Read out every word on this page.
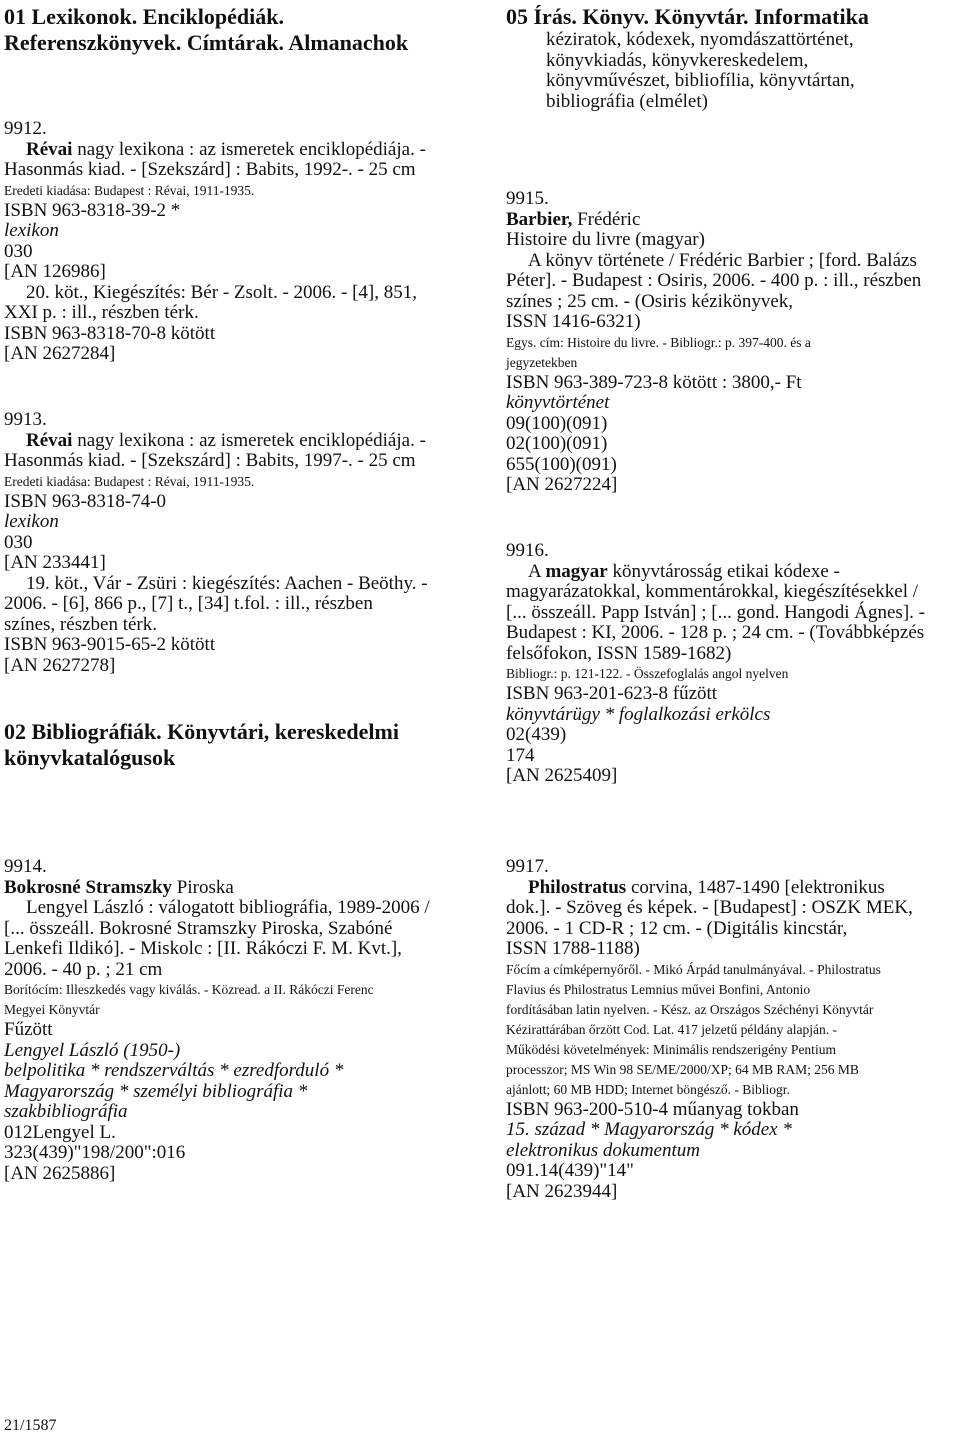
01 Lexikonok. Enciklopédiák.
Referenszkönyvek. Címtárak. Almanachok
9912.
Révai nagy lexikona : az ismeretek enciklopédiája. -
Hasonmás kiad. - [Szekszárd] : Babits, 1992-. - 25 cm
Eredeti kiadása: Budapest : Révai, 1911-1935.
ISBN 963-8318-39-2 *
lexikon
030
[AN 126986]
20. köt., Kiegészítés: Bér - Zsolt. - 2006. - [4], 851,
XXI p. : ill., részben térk.
ISBN 963-8318-70-8 kötött
[AN 2627284]
9913.
Révai nagy lexikona : az ismeretek enciklopédiája. -
Hasonmás kiad. - [Szekszárd] : Babits, 1997-. - 25 cm
Eredeti kiadása: Budapest : Révai, 1911-1935.
ISBN 963-8318-74-0
lexikon
030
[AN 233441]
19. köt., Vár - Zsüri : kiegészítés: Aachen - Beöthy. -
2006. - [6], 866 p., [7] t., [34] t.fol. : ill., részben
színes, részben térk.
ISBN 963-9015-65-2 kötött
[AN 2627278]
02 Bibliográfiák. Könyvtári, kereskedelmi
könyvkatalógusok
05 Írás. Könyv. Könyvtár. Informatika
kéziratok, kódexek, nyomdászattörténet,
könyvkiadás, könyvkereskedelem,
könyvművészet, bibliofília, könyvtártan,
bibliográfia (elmélet)
9915.
Barbier, Frédéric
Histoire du livre (magyar)
A könyv története / Frédéric Barbier ; [ford. Balázs
Péter]. - Budapest : Osiris, 2006. - 400 p. : ill., részben
színes ; 25 cm. - (Osiris kézikönyvek,
ISSN 1416-6321)
Egys. cím: Histoire du livre. - Bibliogr.: p. 397-400. és a
jegyzetekben
ISBN 963-389-723-8 kötött : 3800,- Ft
könyvtörténet
09(100)(091)
02(100)(091)
655(100)(091)
[AN 2627224]
9916.
A magyar könyvtárosság etikai kódexe -
magyarázatokkal, kommentárokkal, kiegészítésekkel /
[... összeáll. Papp István] ; [... gond. Hangodi Ágnes]. -
Budapest : KI, 2006. - 128 p. ; 24 cm. - (Továbbképzés
felsőfokon, ISSN 1589-1682)
Bibliogr.: p. 121-122. - Összefoglalás angol nyelven
ISBN 963-201-623-8 fűzött
könyvtárügy * foglalkozási erkölcs
02(439)
174
[AN 2625409]
9914.
Bokrosné Stramszky Piroska
Lengyel László : válogatott bibliográfia, 1989-2006 /
[... összeáll. Bokrosné Stramszky Piroska, Szabóné
Lenkefi Ildikó]. - Miskolc : [II. Rákóczi F. M. Kvt.],
2006. - 40 p. ; 21 cm
Borítócím: Illeszkedés vagy kiválás. - Közread. a II. Rákóczi Ferenc
Megyei Könyvtár
Fűzött
Lengyel László (1950-)
belpolitika * rendszerváltás * ezredforduló *
Magyarország * személyi bibliográfia *
szakbibliográfia
012Lengyel L.
323(439)"198/200":016
[AN 2625886]
9917.
Philostratus corvina, 1487-1490 [elektronikus
dok.]. - Szöveg és képek. - [Budapest] : OSZK MEK,
2006. - 1 CD-R ; 12 cm. - (Digitális kincstár,
ISSN 1788-1188)
Főcím a címképernyőről. - Mikó Árpád tanulmányával. - Philostratus
Flavius és Philostratus Lemnius művei Bonfini, Antonio
fordításában latin nyelven. - Kész. az Országos Széchényi Könyvtár
Kézirattárában őrzött Cod. Lat. 417 jelzetű példány alapján. -
Működési követelmények: Minimális rendszerigény Pentium
processzor; MS Win 98 SE/ME/2000/XP; 64 MB RAM; 256 MB
ajánlott; 60 MB HDD; Internet böngésző. - Bibliogr.
ISBN 963-200-510-4 műanyag tokban
15. század * Magyarország * kódex *
elektronikus dokumentum
091.14(439)"14"
[AN 2623944]
21/1587
